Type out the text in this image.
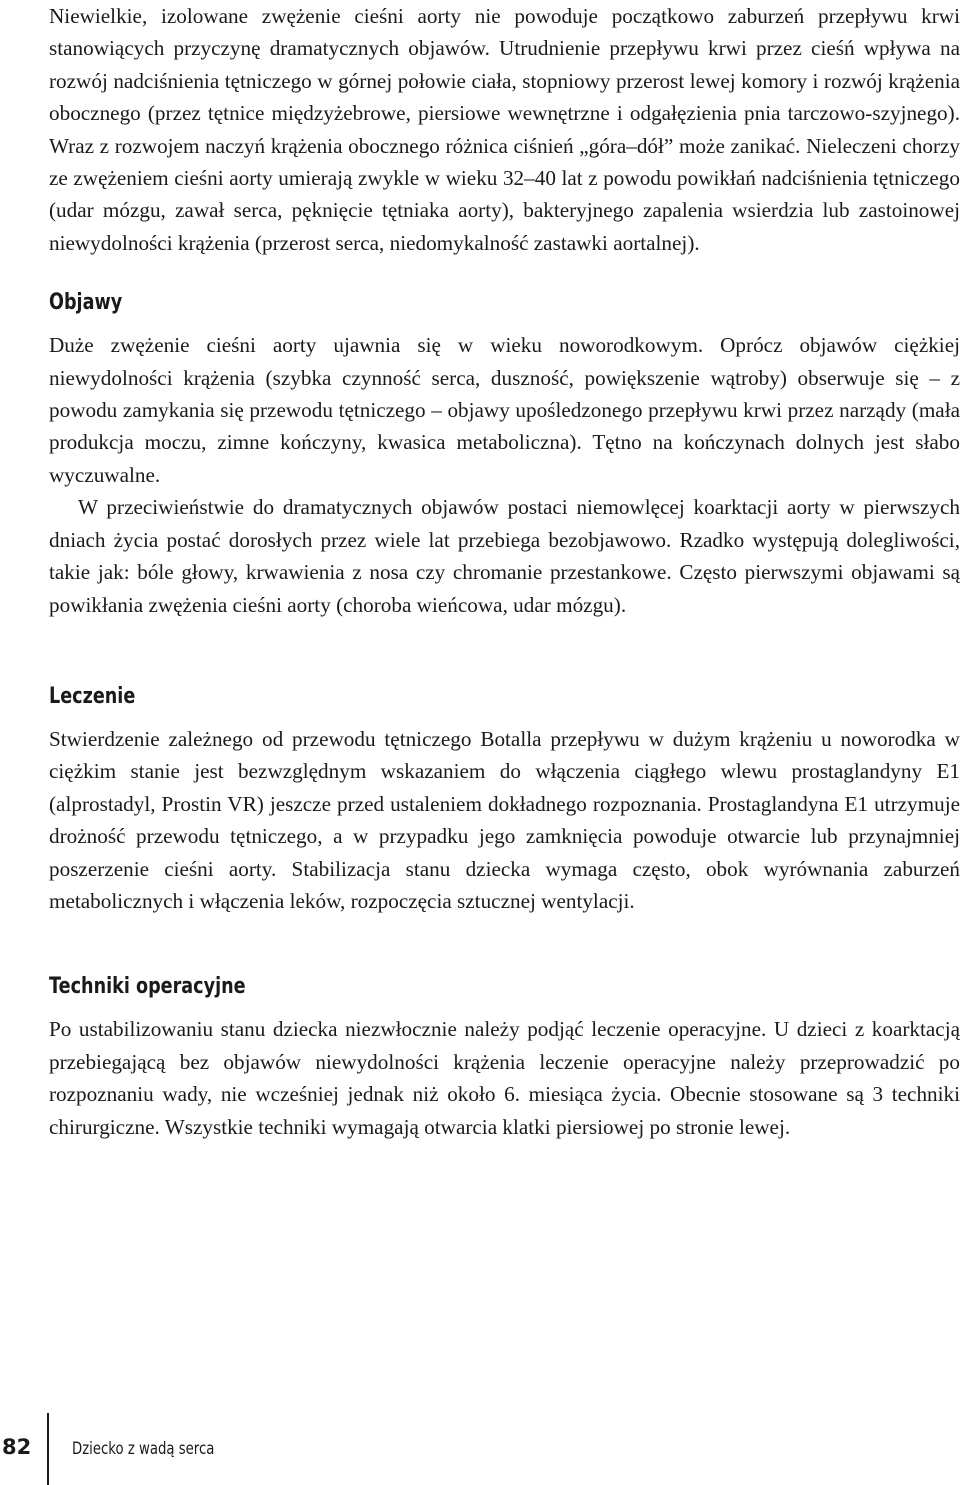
Niewielkie, izolowane zwężenie cieśni aorty nie powoduje początkowo zaburzeń przepływu krwi stanowiących przyczynę dramatycznych objawów. Utrudnienie przepływu krwi przez cieśń wpływa na rozwój nadciśnienia tętniczego w górnej połowie ciała, stopniowy przerost lewej komory i rozwój krążenia obocznego (przez tętnice międzyżebrowe, piersiowe wewnętrzne i odgałęzienia pnia tarczowo-szyjnego). Wraz z rozwojem naczyń krążenia obocznego różnica ciśnień „góra–dół” może zanikać. Nieleczeni chorzy ze zwężeniem cieśni aorty umierają zwykle w wieku 32–40 lat z powodu powikłań nadciśnienia tętniczego (udar mózgu, zawał serca, pęknięcie tętniaka aorty), bakteryjnego zapalenia wsierdzia lub zastoinowej niewydolności krążenia (przerost serca, niedomykalność zastawki aortalnej).

Objawy

Duże zwężenie cieśni aorty ujawnia się w wieku noworodkowym. Oprócz objawów ciężkiej niewydolności krążenia (szybka czynność serca, duszność, powiększenie wątroby) obserwuje się – z powodu zamykania się przewodu tętniczego – objawy upośledzonego przepływu krwi przez narządy (mała produkcja moczu, zimne kończyny, kwasica metaboliczna). Tętno na kończynach dolnych jest słabo wyczuwalne.

W przeciwieństwie do dramatycznych objawów postaci niemowlęcej koarktacji aorty w pierwszych dniach życia postać dorosłych przez wiele lat przebiega bezobjawowo. Rzadko występują dolegliwości, takie jak: bóle głowy, krwawienia z nosa czy chromanie przestankowe. Często pierwszymi objawami są powikłania zwężenia cieśni aorty (choroba wieńcowa, udar mózgu).

Leczenie

Stwierdzenie zależnego od przewodu tętniczego Botalla przepływu w dużym krążeniu u noworodka w ciężkim stanie jest bezwzględnym wskazaniem do włączenia ciągłego wlewu prostaglandyny E1 (alprostadyl, Prostin VR) jeszcze przed ustaleniem dokładnego rozpoznania. Prostaglandyna E1 utrzymuje drożność przewodu tętniczego, a w przypadku jego zamknięcia powoduje otwarcie lub przynajmniej poszerzenie cieśni aorty. Stabilizacja stanu dziecka wymaga często, obok wyrównania zaburzeń metabolicznych i włączenia leków, rozpoczęcia sztucznej wentylacji.

Techniki operacyjne

Po ustabilizowaniu stanu dziecka niezwłocznie należy podjąć leczenie operacyjne. U dzieci z koarktacją przebiegającą bez objawów niewydolności krążenia leczenie operacyjne należy przeprowadzić po rozpoznaniu wady, nie wcześniej jednak niż około 6. miesiąca życia. Obecnie stosowane są 3 techniki chirurgiczne. Wszystkie techniki wymagają otwarcia klatki piersiowej po stronie lewej.

82 Dziecko z wadą serca
